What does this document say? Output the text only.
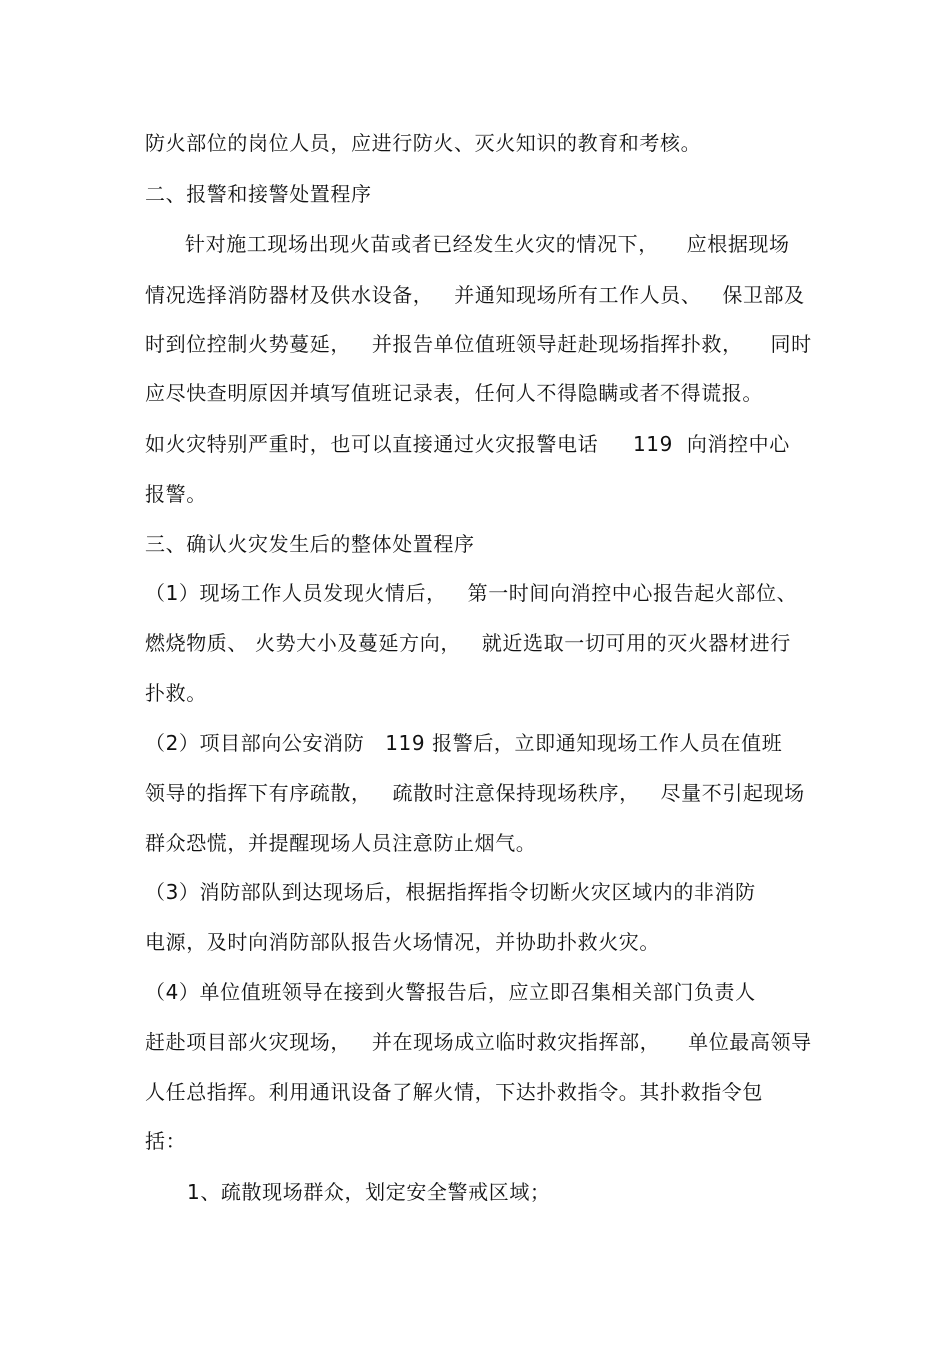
防火部位的岗位人员，应进行防火、灭火知识的教育和考核。
二、报警和接警处置程序
针对施工现场出现火苗或者已经发生火灾的情况下，    应根据现场
情况选择消防器材及供水设备，   并通知现场所有工作人员、   保卫部及
时到位控制火势蔓延，   并报告单位值班领导赶赴现场指挥扑救，    同时
应尽快查明原因并填写值班记录表，任何人不得隐瞒或者不得谎报。
如火灾特别严重时，也可以直接通过火灾报警电话     119  向消控中心
报警。
三、确认火灾发生后的整体处置程序
（1）现场工作人员发现火情后，   第一时间向消控中心报告起火部位、
燃烧物质、 火势大小及蔓延方向，   就近选取一切可用的灭火器材进行
扑救。
（2）项目部向公安消防   119 报警后，立即通知现场工作人员在值班
领导的指挥下有序疏散，   疏散时注意保持现场秩序，   尽量不引起现场
群众恐慌，并提醒现场人员注意防止烟气。
（3）消防部队到达现场后，根据指挥指令切断火灾区域内的非消防
电源，及时向消防部队报告火场情况，并协助扑救火灾。
（4）单位值班领导在接到火警报告后，应立即召集相关部门负责人
赶赴项目部火灾现场，   并在现场成立临时救灾指挥部，    单位最高领导
人任总指挥。利用通讯设备了解火情，下达扑救指令。其扑救指令包
括：
1、疏散现场群众，划定安全警戒区域；
